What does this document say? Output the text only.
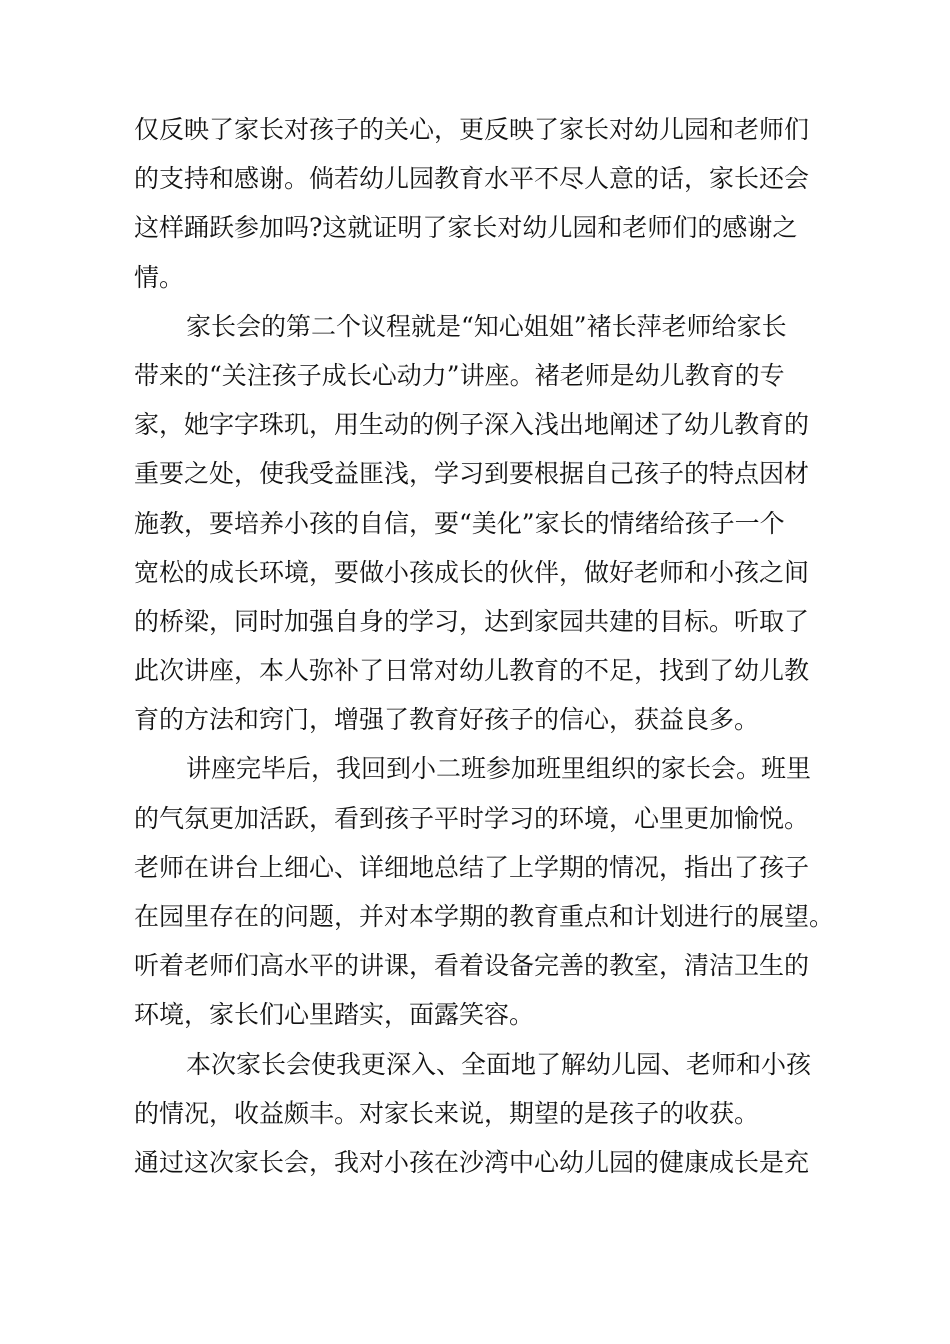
仅反映了家长对孩子的关心，更反映了家长对幼儿园和老师们
的支持和感谢。倘若幼儿园教育水平不尽人意的话，家长还会
这样踊跃参加吗?这就证明了家长对幼儿园和老师们的感谢之
情。
家长会的第二个议程就是“知心姐姐”褚长萍老师给家长
带来的“关注孩子成长心动力”讲座。褚老师是幼儿教育的专
家，她字字珠玑，用生动的例子深入浅出地阐述了幼儿教育的
重要之处，使我受益匪浅，学习到要根据自己孩子的特点因材
施教，要培养小孩的自信，要“美化”家长的情绪给孩子一个
宽松的成长环境，要做小孩成长的伙伴，做好老师和小孩之间
的桥梁，同时加强自身的学习，达到家园共建的目标。听取了
此次讲座，本人弥补了日常对幼儿教育的不足，找到了幼儿教
育的方法和窍门，增强了教育好孩子的信心，获益良多。
讲座完毕后，我回到小二班参加班里组织的家长会。班里
的气氛更加活跃，看到孩子平时学习的环境，心里更加愉悦。
老师在讲台上细心、详细地总结了上学期的情况，指出了孩子
在园里存在的问题，并对本学期的教育重点和计划进行的展望。
听着老师们高水平的讲课，看着设备完善的教室，清洁卫生的
环境，家长们心里踏实，面露笑容。
本次家长会使我更深入、全面地了解幼儿园、老师和小孩
的情况，收益颇丰。对家长来说，期望的是孩子的收获。
通过这次家长会，我对小孩在沙湾中心幼儿园的健康成长是充
